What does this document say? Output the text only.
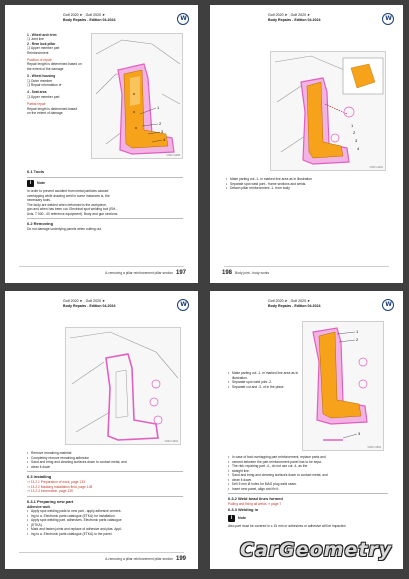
Golf 2020 ➤ , Golf 2020 ➤
Body Repairs - Edition 04.2024	W
1 - Wheel arch trim
❑ Joint line
2 - Rear lock pillar
❑ Upper member part
Reinforcement
Position of repair
Repair length is determined based on
the extent of the damage
3 - Wheel housing
❑ Outer member
❑ Repair information ➤
4 - Seat area
❑ Upper member part
Partial repair
Repair length is determined based
on the extent of damage
1
2
3
4
C000 11488
6.1 Tools
i	Note
In order to prevent accident from metal particles caused
overlapping while drawing weld in some instances is, the
necessary tools.
The body are welded when deformed is the workpiece,
gun and when has been cut. Electrical spot welding tool (EM...
Axis, T 000...40 reference equipment). Body and gun sections.
6.2 Removing
Do not damage underlying panels when cutting out
A-removing a pillar reinforcement pillar section 197
Golf 2020 ➤ , Golf 2020 ➤
Body Repairs - Edition 04.2024	W
1
2
3
4
C000 11491
• Make parting cut -1- in marked line area as in illustration
• Separate spot weld joint - frame sections and welds.
• Detach pillar reinforcement -1- from body
198 Body joint - body works
Golf 2020 ➤ , Golf 2020 ➤
Body Repairs - Edition 04.2024	W
C000 11516
• Remove remaining material
• Completely remove remaining adhesive
• Sand and bring and cleaning surfaces down to contact metal, and
• clean it down
6.3 Installing
⇒ 13.2.1 Preparation of work, page 133
⇒ 13.2.2 Masking Installation field, page 135
⇒ 13.2.3 Information, page 139
6.3.1 Preparing new part
Adhesive work
• Apply spot welding pads to new part - apply adhesive cement-
• ing to a. Electronic parts catalogue (ETKA) for installation.
• Apply spot welding part, adhesives. Electronic parts catalogue
• (ETKA).
• Mark and fasten joints and replace of adhesive and plas. Appl-
• ing to a. Electronic parts catalogue (ETKA) to the panel.
A-removing a pillar reinforcement pillar section 199
Golf 2020 ➤ , Golf 2020 ➤
Body Repairs - Edition 04.2024	W
1
2
3
C000 11522
• Make parting cut -1- in marked line area as in illustration.
• Separate spot weld joint -2-
• Separate cut and -3- of in the place.
• In case of bad overlapping part reinforcement, replace parts and
• cement between the part reinforcement panel has to be sepa.
• The risk: repairing part -4-, do not use cut -4- as the
• straight line.
• Sand and bring and cleaning surfaces down to contact metal, and
• clean it down.
• Drill 5 mm Ø holes for MAG plug weld seam.
• Insert new panel, align and fix it.
6.3.2 Weld bead lines formed
Pulling and fixing all welds ⇒ page 7
6.3.3 Welding in
i	Note
Also part must be covered in ≤ 15 mm or adhesives or adhesive will be impacted
CarGeometry
